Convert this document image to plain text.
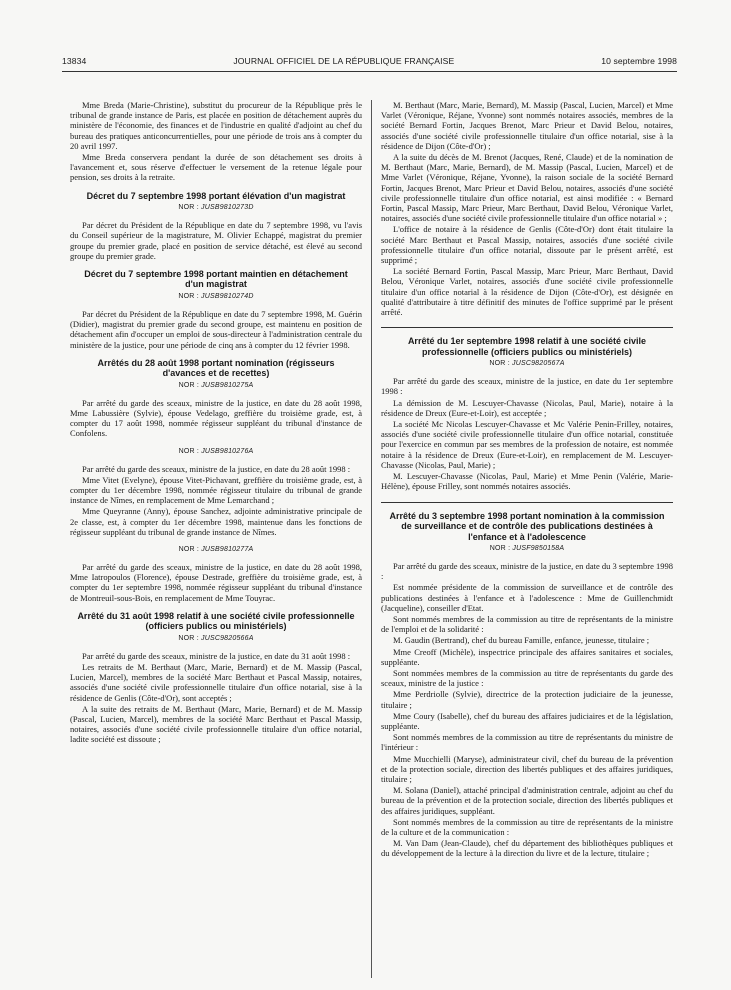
13834	JOURNAL OFFICIEL DE LA RÉPUBLIQUE FRANÇAISE	10 septembre 1998

Mme Breda (Marie-Christine), substitut du procureur de la République près le tribunal de grande instance de Paris, est placée en position de détachement auprès du ministère de l'économie, des finances et de l'industrie en qualité d'adjoint au chef du bureau des pratiques anticoncurrentielles, pour une période de trois ans à compter du 20 avril 1997.

Mme Breda conservera pendant la durée de son détachement ses droits à l'avancement et, sous réserve d'effectuer le versement de la retenue légale pour pension, ses droits à la retraite.

Décret du 7 septembre 1998 portant élévation d'un magistrat
NOR : JUSB9810273D

Par décret du Président de la République en date du 7 septembre 1998, vu l'avis du Conseil supérieur de la magistrature, M. Olivier Echappé, magistrat du premier groupe du premier grade, placé en position de service détaché, est élevé au second groupe du premier grade.

Décret du 7 septembre 1998 portant maintien en détachement d'un magistrat
NOR : JUSB9810274D

Par décret du Président de la République en date du 7 septembre 1998, M. Guérin (Didier), magistrat du premier grade du second groupe, est maintenu en position de détachement afin d'occuper un emploi de sous-directeur à l'administration centrale du ministère de la justice, pour une période de cinq ans à compter du 12 février 1998.

Arrêtés du 28 août 1998 portant nomination (régisseurs d'avances et de recettes)
NOR : JUSB9810275A

Par arrêté du garde des sceaux, ministre de la justice, en date du 28 août 1998, Mme Labussière (Sylvie), épouse Vedelago, greffière du troisième grade, est, à compter du 17 août 1998, nommée régisseur suppléant du tribunal d'instance de Confolens.

NOR : JUSB9810276A

Par arrêté du garde des sceaux, ministre de la justice, en date du 28 août 1998 :

Mme Vitet (Evelyne), épouse Vitet-Pichavant, greffière du troisième grade, est, à compter du 1er décembre 1998, nommée régisseur titulaire du tribunal de grande instance de Nîmes, en remplacement de Mme Lemarchand ;

Mme Queyranne (Anny), épouse Sanchez, adjointe administrative principale de 2e classe, est, à compter du 1er décembre 1998, maintenue dans les fonctions de régisseur suppléant du tribunal de grande instance de Nîmes.

NOR : JUSB9810277A

Par arrêté du garde des sceaux, ministre de la justice, en date du 28 août 1998, Mme Iatropoulos (Florence), épouse Destrade, greffière du troisième grade, est, à compter du 1er septembre 1998, nommée régisseur suppléant du tribunal d'instance de Montreuil-sous-Bois, en remplacement de Mme Touyrac.

Arrêté du 31 août 1998 relatif à une société civile professionnelle (officiers publics ou ministériels)
NOR : JUSC9820566A

Par arrêté du garde des sceaux, ministre de la justice, en date du 31 août 1998 :

Les retraits de M. Berthaut (Marc, Marie, Bernard) et de M. Massip (Pascal, Lucien, Marcel), membres de la société Marc Berthaut et Pascal Massip, notaires, associés d'une société civile professionnelle titulaire d'un office notarial, sise à la résidence de Genlis (Côte-d'Or), sont acceptés ;

A la suite des retraits de M. Berthaut (Marc, Marie, Bernard) et de M. Massip (Pascal, Lucien, Marcel), membres de la société Marc Berthaut et Pascal Massip, notaires, associés d'une société civile professionnelle titulaire d'un office notarial, ladite société est dissoute ;

M. Berthaut (Marc, Marie, Bernard), M. Massip (Pascal, Lucien, Marcel) et Mme Varlet (Véronique, Réjane, Yvonne) sont nommés notaires associés, membres de la société Bernard Fortin, Jacques Brenot, Marc Prieur et David Belou, notaires, associés d'une société civile professionnelle titulaire d'un office notarial, sise à la résidence de Dijon (Côte-d'Or) ;

A la suite du décès de M. Brenot (Jacques, René, Claude) et de la nomination de M. Berthaut (Marc, Marie, Bernard), de M. Massip (Pascal, Lucien, Marcel) et de Mme Varlet (Véronique, Réjane, Yvonne), la raison sociale de la société Bernard Fortin, Jacques Brenot, Marc Prieur et David Belou, notaires, associés d'une société civile professionnelle titulaire d'un office notarial, est ainsi modifiée : « Bernard Fortin, Pascal Massip, Marc Prieur, Marc Berthaut, David Belou, Véronique Varlet, notaires, associés d'une société civile professionnelle titulaire d'un office notarial » ;

L'office de notaire à la résidence de Genlis (Côte-d'Or) dont était titulaire la société Marc Berthaut et Pascal Massip, notaires, associés d'une société civile professionnelle titulaire d'un office notarial, dissoute par le présent arrêté, est supprimé ;

La société Bernard Fortin, Pascal Massip, Marc Prieur, Marc Berthaut, David Belou, Véronique Varlet, notaires, associés d'une société civile professionnelle titulaire d'un office notarial à la résidence de Dijon (Côte-d'Or), est désignée en qualité d'attributaire à titre définitif des minutes de l'office supprimé par le présent arrêté.

Arrêté du 1er septembre 1998 relatif à une société civile professionnelle (officiers publics ou ministériels)
NOR : JUSC9820567A

Par arrêté du garde des sceaux, ministre de la justice, en date du 1er septembre 1998 :

La démission de M. Lescuyer-Chavasse (Nicolas, Paul, Marie), notaire à la résidence de Dreux (Eure-et-Loir), est acceptée ;

La société Mc Nicolas Lescuyer-Chavasse et Mc Valérie Penin-Frilley, notaires, associés d'une société civile professionnelle titulaire d'un office notarial, constituée pour l'exercice en commun par ses membres de la profession de notaire, est nommée notaire à la résidence de Dreux (Eure-et-Loir), en remplacement de M. Lescuyer-Chavasse (Nicolas, Paul, Marie) ;

M. Lescuyer-Chavasse (Nicolas, Paul, Marie) et Mme Penin (Valérie, Marie-Hélène), épouse Frilley, sont nommés notaires associés.

Arrêté du 3 septembre 1998 portant nomination à la commission de surveillance et de contrôle des publications destinées à l'enfance et à l'adolescence
NOR : JUSF9850158A

Par arrêté du garde des sceaux, ministre de la justice, en date du 3 septembre 1998 :

Est nommée présidente de la commission de surveillance et de contrôle des publications destinées à l'enfance et à l'adolescence : Mme de Guillenchmidt (Jacqueline), conseiller d'Etat.

Sont nommés membres de la commission au titre de représentants de la ministre de l'emploi et de la solidarité :

M. Gaudin (Bertrand), chef du bureau Famille, enfance, jeunesse, titulaire ;

Mme Creoff (Michèle), inspectrice principale des affaires sanitaires et sociales, suppléante.

Sont nommées membres de la commission au titre de représentants du garde des sceaux, ministre de la justice :

Mme Perdriolle (Sylvie), directrice de la protection judiciaire de la jeunesse, titulaire ;

Mme Coury (Isabelle), chef du bureau des affaires judiciaires et de la législation, suppléante.

Sont nommés membres de la commission au titre de représentants du ministre de l'intérieur :

Mme Mucchielli (Maryse), administrateur civil, chef du bureau de la prévention et de la protection sociale, direction des libertés publiques et des affaires juridiques, titulaire ;

M. Solana (Daniel), attaché principal d'administration centrale, adjoint au chef du bureau de la prévention et de la protection sociale, direction des libertés publiques et des affaires juridiques, suppléant.

Sont nommés membres de la commission au titre de représentants de la ministre de la culture et de la communication :

M. Van Dam (Jean-Claude), chef du département des bibliothèques publiques et du développement de la lecture à la direction du livre et de la lecture, titulaire ;
